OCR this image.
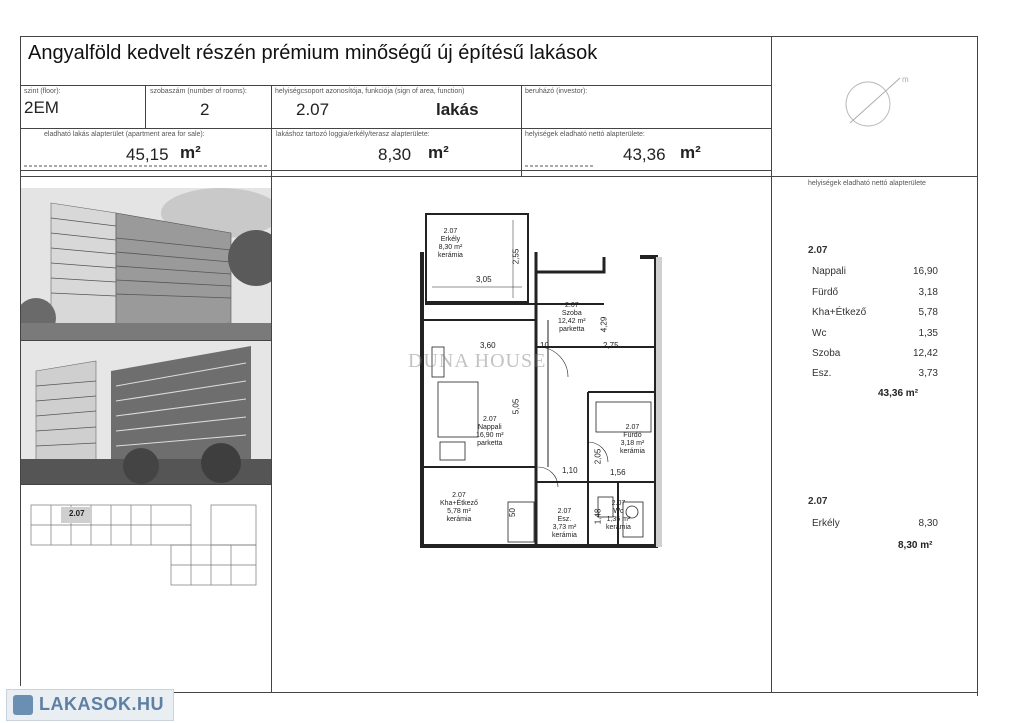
Angyalföld kedvelt részén prémium minőségű új építésű lakások
szint (floor):
2EM
szobaszám (number of rooms):
2
helyiségcsoport azonosítója, funkciója (sign of area, function)
2.07	lakás
beruházó (investor):
eladható lakás alapterület (apartment area for sale):
45,15 m²
lakáshoz tartozó loggia/erkély/terasz alapterülete:
8,30 m²
helyiségek eladható nettó alapterülete:
43,36 m²
m
2.07
2.07
Erkély
8,30 m²
kerámia
2.07
Szoba
12,42 m²
parketta
2.07
Nappali
16,90 m²
parketta
2.07
Fürdő
3,18 m²
kerámia
2.07
Kha+Étkező
5,78 m²
kerámia
2.07
Esz.
3,73 m²
kerámia
2.07
Wc
1,35 m²
kerámia
3,05
2,55
3,60	10	2,75
4,29
5,05
1,10
2,05
1,56
1,48
50
DUNA HOUSE
helyiségek eladható nettó alapterülete
2.07
Nappali	16,90
Fürdő	3,18
Kha+Étkező	5,78
Wc	1,35
Szoba	12,42
Esz.	3,73
43,36 m²
2.07
Erkély	8,30
8,30 m²
LAKASOK.HU
